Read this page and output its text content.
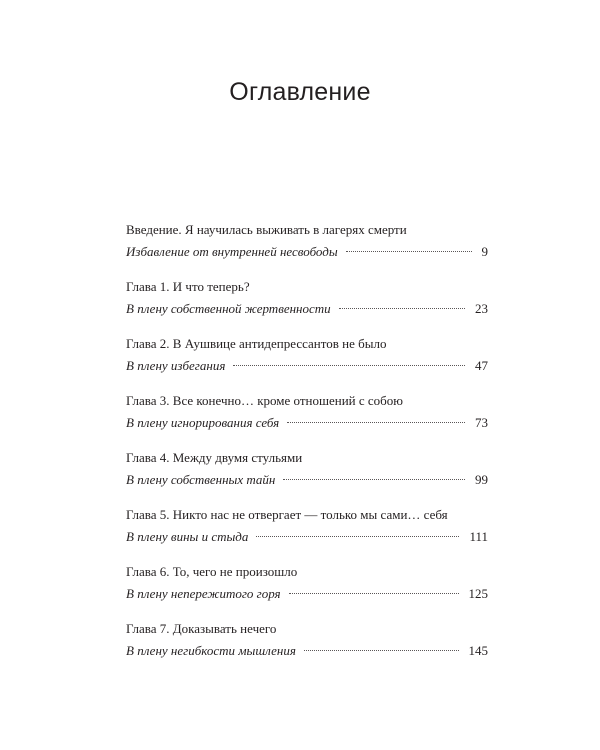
Оглавление
Введение. Я научилась выживать в лагерях смерти
Избавление от внутренней несвободы	9
Глава 1. И что теперь?
В плену собственной жертвенности	23
Глава 2. В Аушвице антидепрессантов не было
В плену избегания	47
Глава 3. Все конечно… кроме отношений с собою
В плену игнорирования себя	73
Глава 4. Между двумя стульями
В плену собственных тайн	99
Глава 5. Никто нас не отвергает — только мы сами… себя
В плену вины и стыда	111
Глава 6. То, чего не произошло
В плену непережитого горя	125
Глава 7. Доказывать нечего
В плену негибкости мышления	145
